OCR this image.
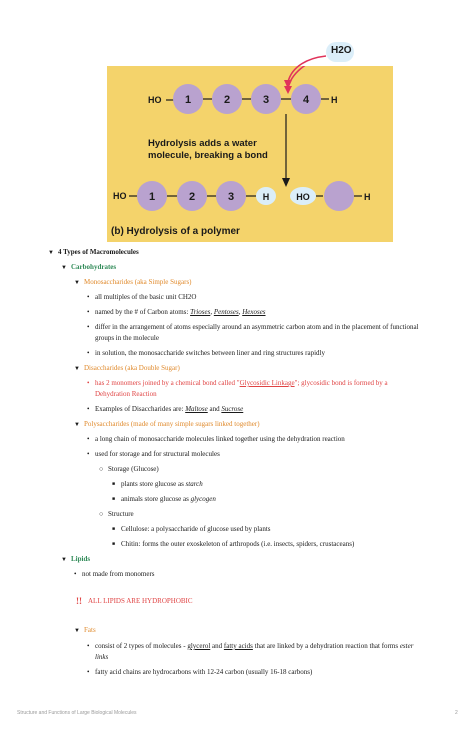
HO 1	2	3	4 H
Hydrolysis adds a water
molecule, breaking a bond
HO 1	2	3	H	HO	H
(b) Hydrolysis of a polymer
H2O
▼ 4 Types of Macromolecules
▼ Carbohydrates
▼ Monosaccharides (aka Simple Sugars)
• all multiples of the basic unit CH2O
• named by the # of Carbon atoms: Trioses, Pentoses, Hexoses
• differ in the arrangement of atoms especially around an asymmetric carbon atom and in the placement of functional
groups in the molecule
• in solution, the monosaccharide switches between liner and ring structures rapidly
▼ Disaccharides (aka Double Sugar)
• has 2 monomers joined by a chemical bond called "Glycosidic Linkage"; glycosidic bond is formed by a
Dehydration Reaction
• Examples of Disaccharides are: Maltose and Sucrose
▼ Polysaccharides (made of many simple sugars linked together)
• a long chain of monosaccharide molecules linked together using the dehydration reaction
• used for storage and for structural molecules
○ Storage (Glucose)
■ plants store glucose as starch
■ animals store glucose as glycogen
○ Structure
■ Cellulose: a polysaccharide of glucose used by plants
■ Chitin: forms the outer exoskeleton of arthropods (i.e. insects, spiders, crustaceans)
▼ Lipids
• not made from monomers
!! ALL LIPIDS ARE HYDROPHOBIC
▼ Fats
• consist of 2 types of molecules - glycerol and fatty acids that are linked by a dehydration reaction that forms ester
links
• fatty acid chains are hydrocarbons with 12-24 carbon (usually 16-18 carbons)
Structure and Functions of Large Biological Molecules	2
